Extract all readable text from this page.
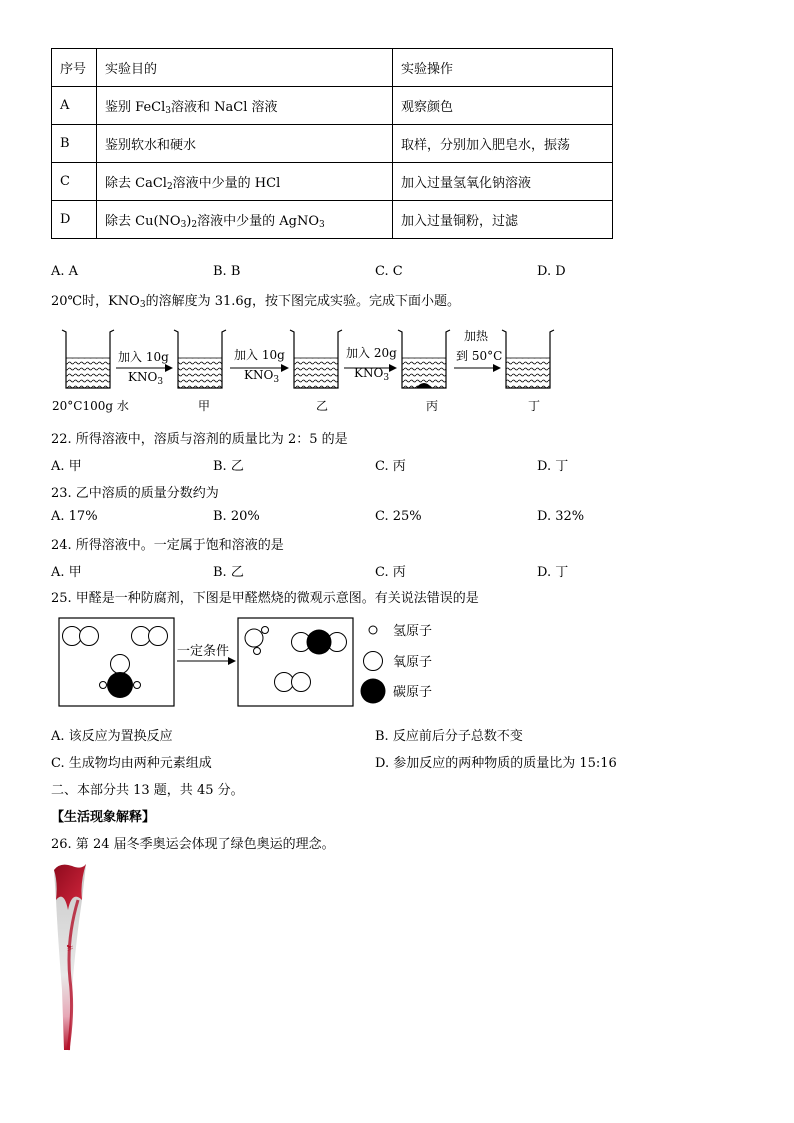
序号	实验目的	实验操作
A	鉴别 FeCl$_3$溶液和 NaCl 溶液	观察颜色
B	鉴别软水和硬水	取样，分别加入肥皂水，振荡
C	除去 CaCl$_2$溶液中少量的 HCl	加入过量氢氧化钠溶液
D	除去 $Cu(NO_3)_2$溶液中少量的 AgNO$_3$	加入过量铜粉，过滤
A. A	B. B	C. C	D. D
20℃时，$KNO_3$的溶解度为 31.6g，按下图完成实验。完成下面小题。
加入 10g
$KNO_3$
加入 10g
$KNO_3$
加入 20g
$KNO_3$
加热
到 50°C
20°C100g 水	甲	乙	丙	丁
22. 所得溶液中，溶质与溶剂的质量比为 2：5 的是
A. 甲	B. 乙	C. 丙	D. 丁
23. 乙中溶质的质量分数约为
A. 17%	B. 20%	C. 25%	D. 32%
24. 所得溶液中。一定属于饱和溶液的是
A. 甲	B. 乙	C. 丙	D. 丁
25. 甲醛是一种防腐剂，下图是甲醛燃烧的微观示意图。有关说法错误的是
一定条件
氢原子
氧原子
碳原子
A. 该反应为置换反应	B. 反应前后分子总数不变
C. 生成物均由两种元素组成	D. 参加反应的两种物质的质量比为 15:16
二、本部分共 13 题，共 45 分。
【生活现象解释】
26. 第 24 届冬季奥运会体现了绿色奥运的理念。
⛷
